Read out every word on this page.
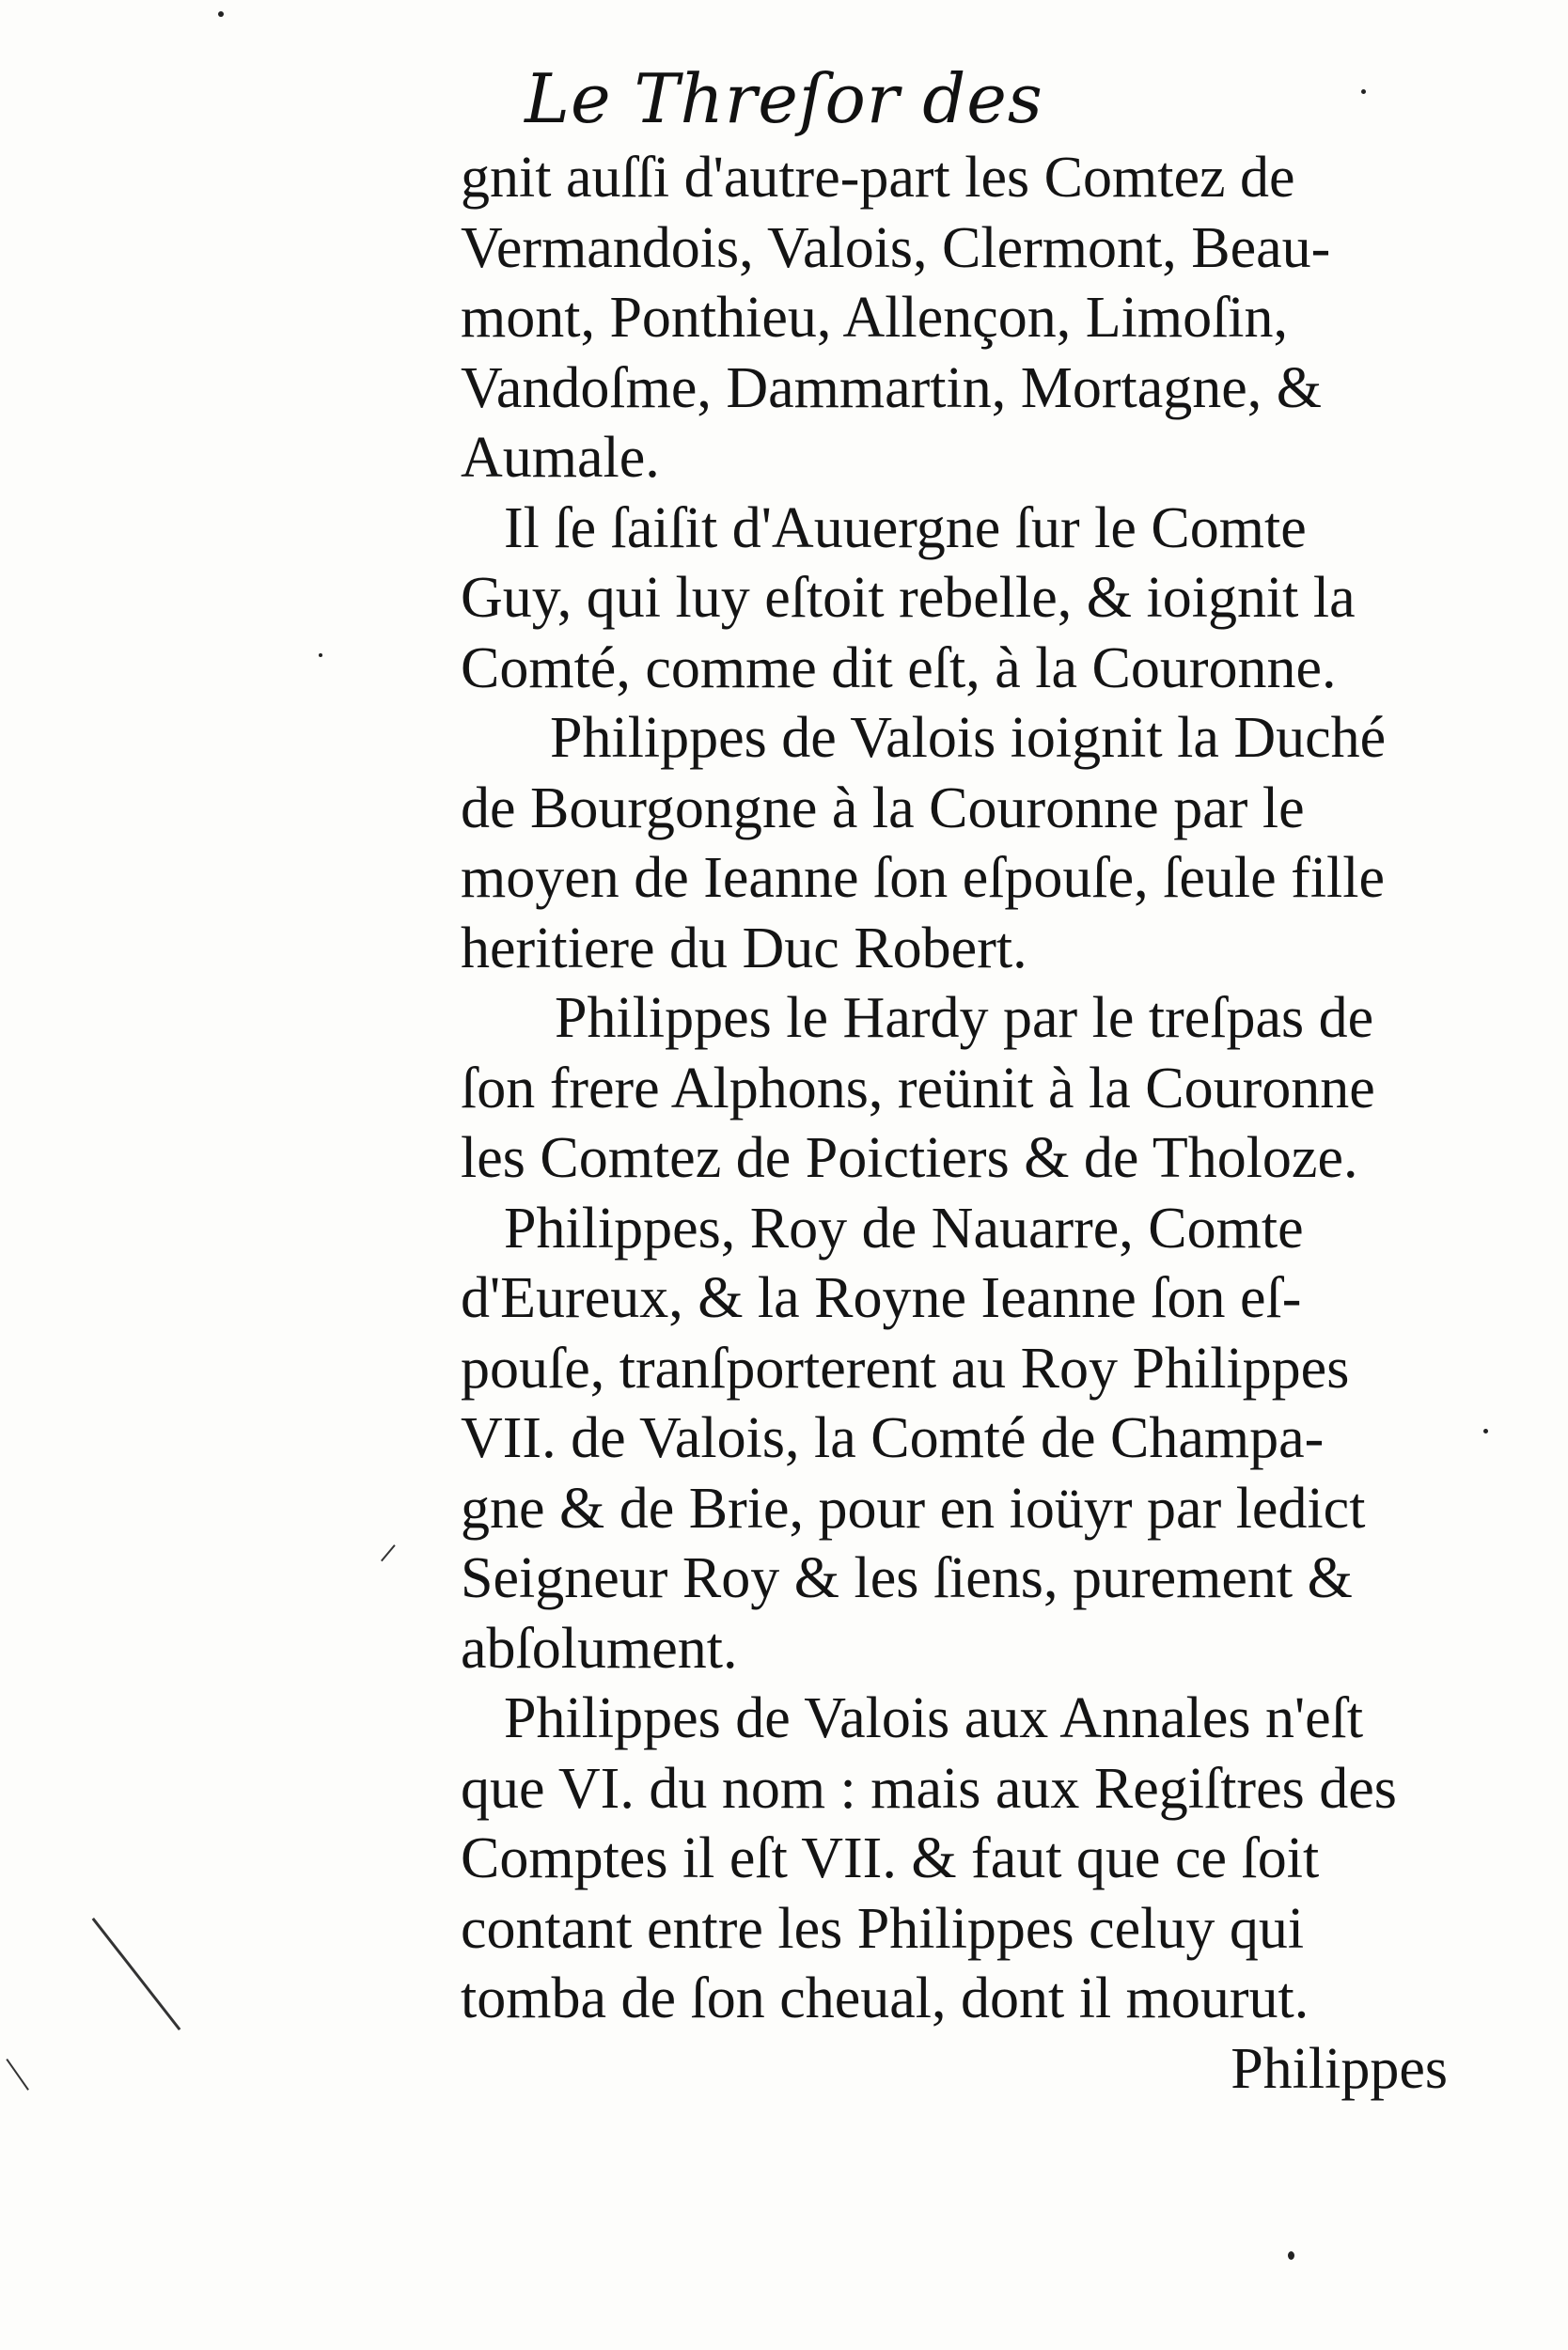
Le Threſor des
gnit auſſi d'autre-part les Comtez de
Vermandois, Valois, Clermont, Beau-
mont, Ponthieu, Allençon, Limoſin,
Vandoſme, Dammartin, Mortagne, &
Aumale.
Il ſe ſaiſit d'Auuergne ſur le Comte
Guy, qui luy eſtoit rebelle, & ioignit la
Comté, comme dit eſt, à la Couronne.
Philippes de Valois ioignit la Duché
de Bourgongne à la Couronne par le
moyen de Ieanne ſon eſpouſe, ſeule fille
heritiere du Duc Robert.
Philippes le Hardy par le treſpas de
ſon frere Alphons, reünit à la Couronne
les Comtez de Poictiers & de Tholoze.
Philippes, Roy de Nauarre, Comte
d'Eureux, & la Royne Ieanne ſon eſ-
pouſe, tranſporterent au Roy Philippes
VII. de Valois, la Comté de Champa-
gne & de Brie, pour en ioüyr par ledict
Seigneur Roy & les ſiens, purement &
abſolument.
Philippes de Valois aux Annales n'eſt
que VI. du nom : mais aux Regiſtres des
Comptes il eſt VII. & faut que ce ſoit
contant entre les Philippes celuy qui
tomba de ſon cheual, dont il mourut.
Philippes
